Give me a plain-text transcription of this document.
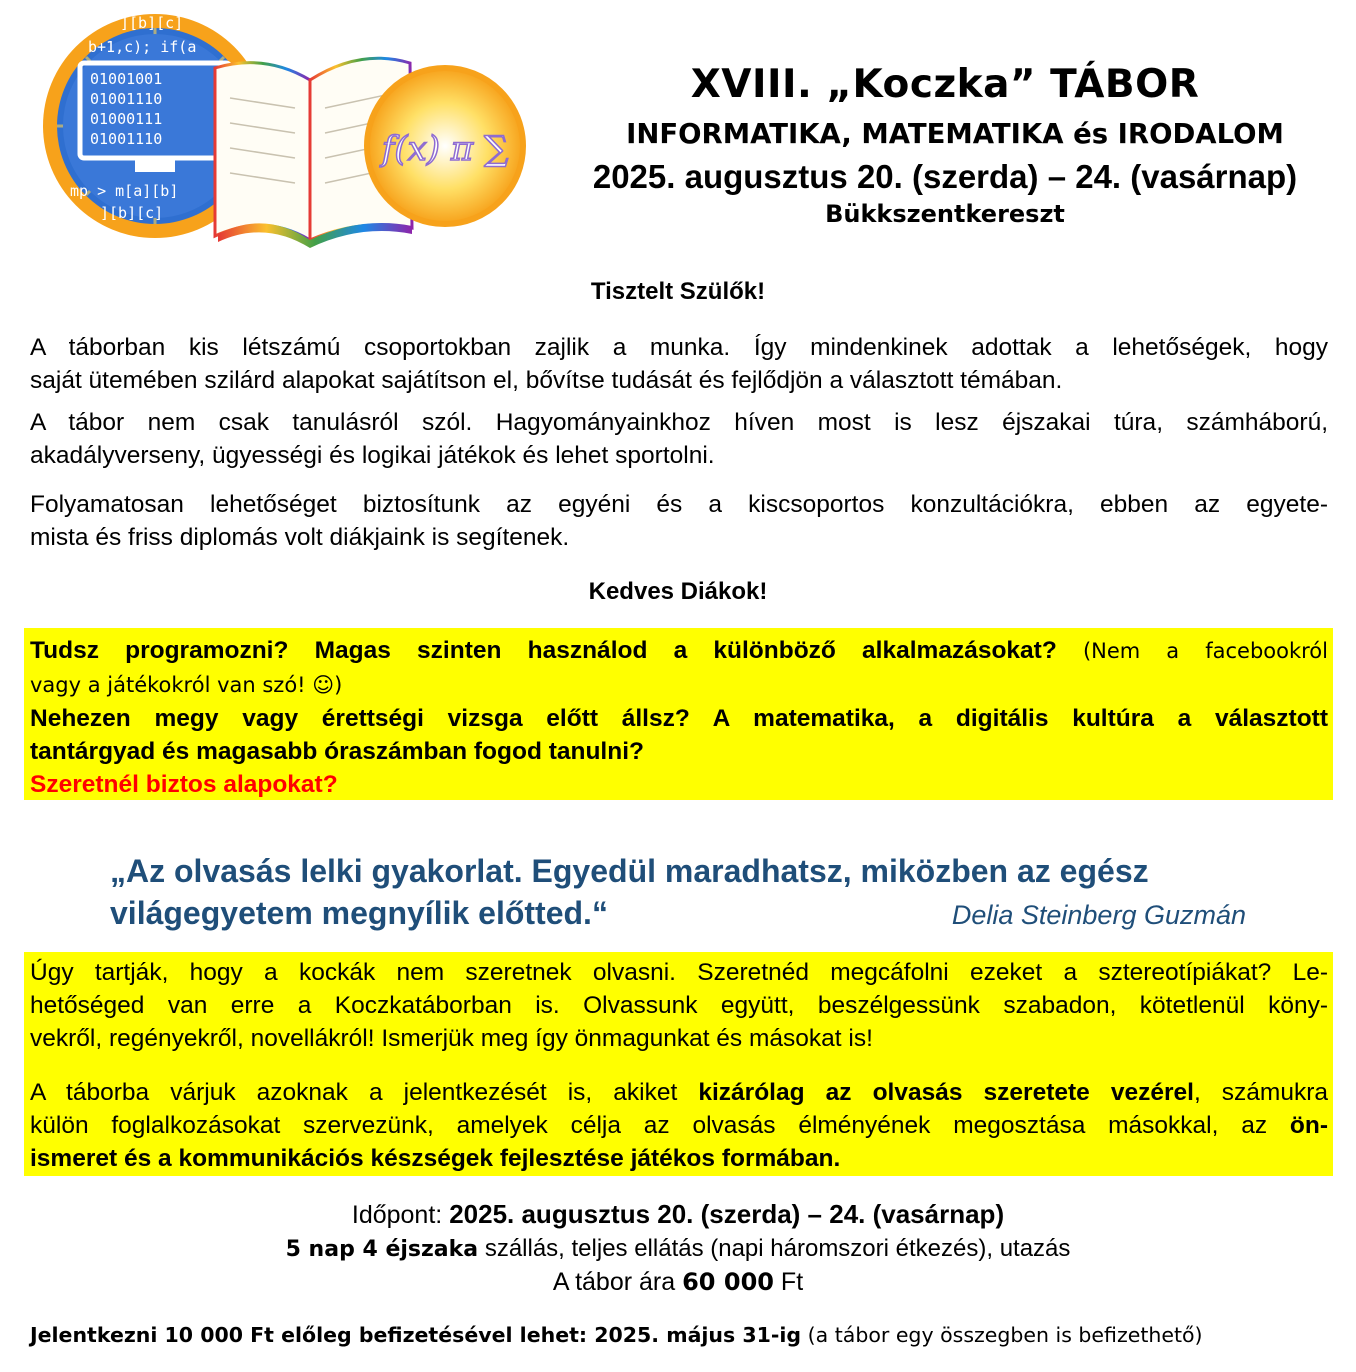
][b][c]
b+1,c); if(a
01001001
01001110
01000111
01001110
mp > m[a][b]
][b][c]
f(x) π ∑
XVIII. „Koczka” TÁBOR
INFORMATIKA, MATEMATIKA és IRODALOM
2025. augusztus 20. (szerda) – 24. (vasárnap)
Bükkszentkereszt
Tisztelt Szülők!
A táborban kis létszámú csoportokban zajlik a munka. Így mindenkinek adottak a lehetőségek, hogy
saját ütemében szilárd alapokat sajátítson el, bővítse tudását és fejlődjön a választott témában.
A tábor nem csak tanulásról szól. Hagyományainkhoz híven most is lesz éjszakai túra, számháború,
akadályverseny, ügyességi és logikai játékok és lehet sportolni.
Folyamatosan lehetőséget biztosítunk az egyéni és a kiscsoportos konzultációkra, ebben az egyete-
mista és friss diplomás volt diákjaink is segítenek.
Kedves Diákok!
Tudsz programozni? Magas szinten használod a különböző alkalmazásokat? (Nem a facebookról
vagy a játékokról van szó! ☺)
Nehezen megy vagy érettségi vizsga előtt állsz? A matematika, a digitális kultúra a választott
tantárgyad és magasabb óraszámban fogod tanulni?
Szeretnél biztos alapokat?
„Az olvasás lelki gyakorlat. Egyedül maradhatsz, miközben az egész
világegyetem megnyílik előtted.“	Delia Steinberg Guzmán
Úgy tartják, hogy a kockák nem szeretnek olvasni. Szeretnéd megcáfolni ezeket a sztereotípiákat? Le-
hetőséged van erre a Koczkatáborban is. Olvassunk együtt, beszélgessünk szabadon, kötetlenül köny-
vekről, regényekről, novellákról! Ismerjük meg így önmagunkat és másokat is!
A táborba várjuk azoknak a jelentkezését is, akiket kizárólag az olvasás szeretete vezérel, számukra
külön foglalkozásokat szervezünk, amelyek célja az olvasás élményének megosztása másokkal, az ön-
ismeret és a kommunikációs készségek fejlesztése játékos formában.
Időpont: 2025. augusztus 20. (szerda) – 24. (vasárnap)
5 nap 4 éjszaka szállás, teljes ellátás (napi háromszori étkezés), utazás
A tábor ára 60 000 Ft
Jelentkezni 10 000 Ft előleg befizetésével lehet: 2025. május 31-ig (a tábor egy összegben is befizethető)
